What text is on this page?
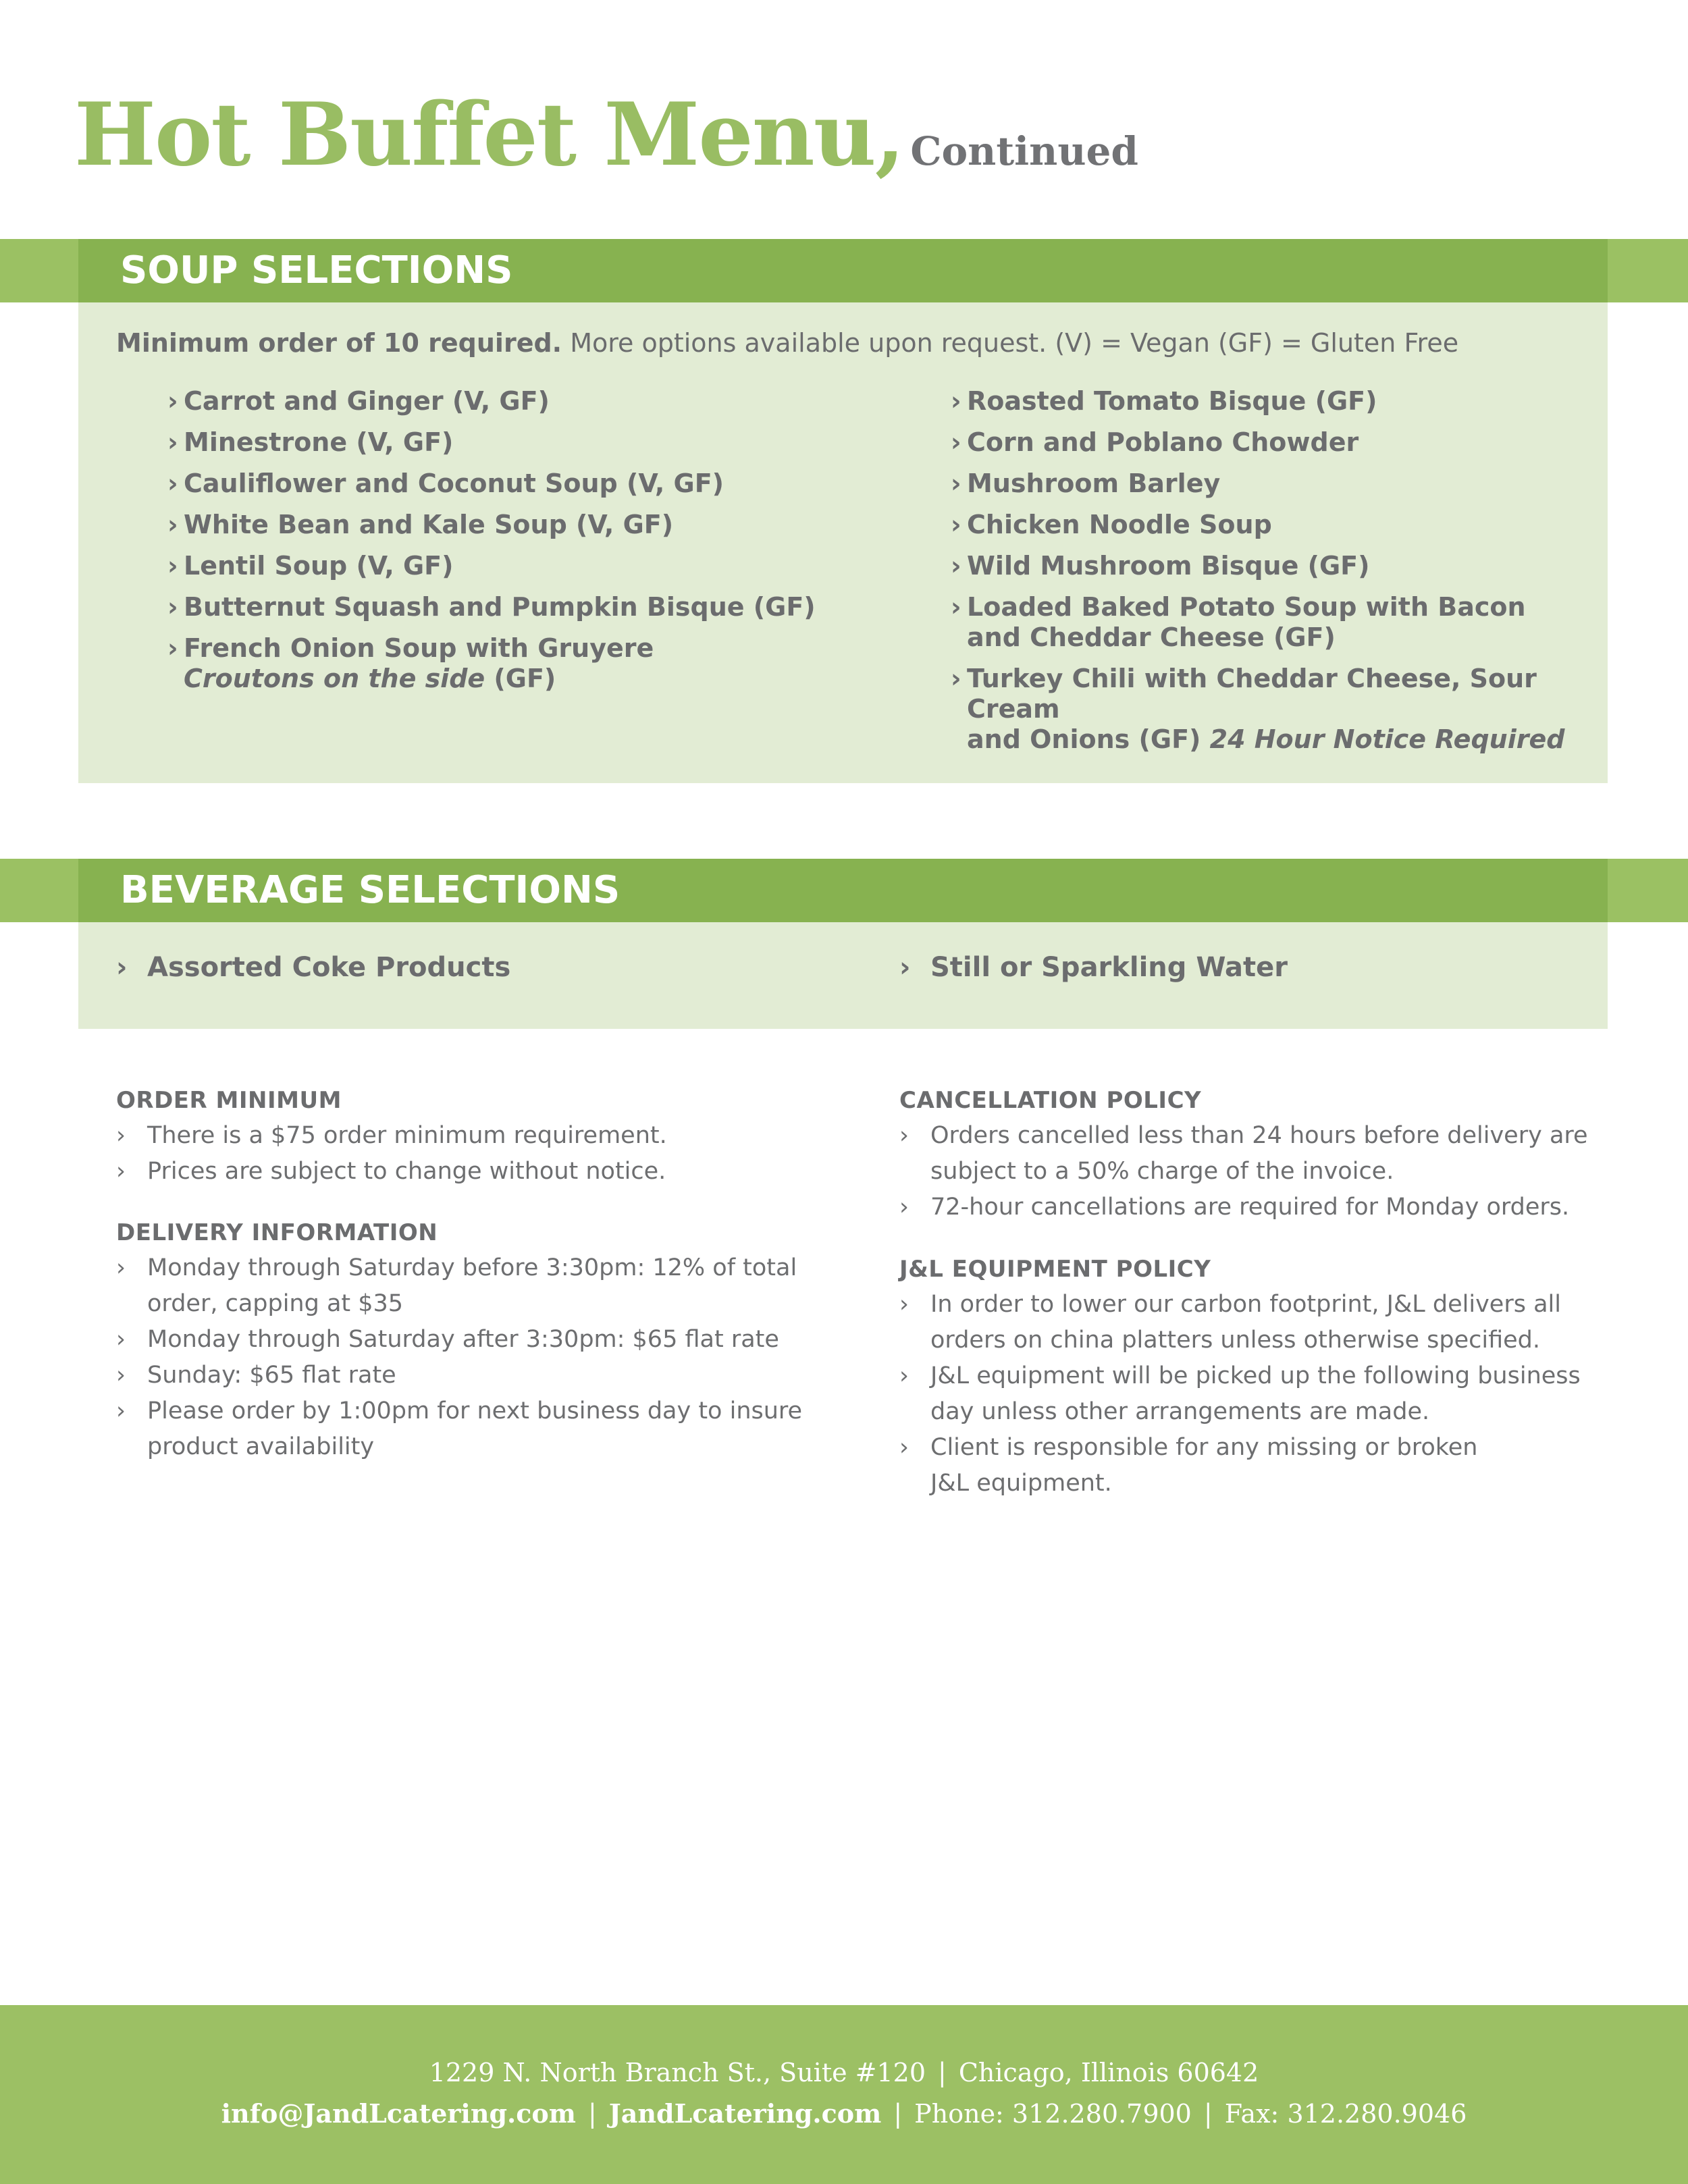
Hot Buffet Menu, Continued
SOUP SELECTIONS
Minimum order of 10 required. More options available upon request. (V) = Vegan (GF) = Gluten Free
› Carrot and Ginger (V, GF)
› Minestrone (V, GF)
› Cauliflower and Coconut Soup (V, GF)
› White Bean and Kale Soup (V, GF)
› Lentil Soup (V, GF)
› Butternut Squash and Pumpkin Bisque (GF)
› French Onion Soup with Gruyere
Croutons on the side (GF)
› Roasted Tomato Bisque (GF)
› Corn and Poblano Chowder
› Mushroom Barley
› Chicken Noodle Soup
› Wild Mushroom Bisque (GF)
› Loaded Baked Potato Soup with Bacon
and Cheddar Cheese (GF)
› Turkey Chili with Cheddar Cheese, Sour Cream
and Onions (GF) 24 Hour Notice Required
BEVERAGE SELECTIONS
› Assorted Coke Products	› Still or Sparkling Water
ORDER MINIMUM
› There is a $75 order minimum requirement.
› Prices are subject to change without notice.
DELIVERY INFORMATION
› Monday through Saturday before 3:30pm: 12% of total
order, capping at $35
› Monday through Saturday after 3:30pm: $65 flat rate
› Sunday: $65 flat rate
› Please order by 1:00pm for next business day to insure
product availability
CANCELLATION POLICY
› Orders cancelled less than 24 hours before delivery are
subject to a 50% charge of the invoice.
› 72-hour cancellations are required for Monday orders.
J&L EQUIPMENT POLICY
› In order to lower our carbon footprint, J&L delivers all
orders on china platters unless otherwise specified.
› J&L equipment will be picked up the following business
day unless other arrangements are made.
› Client is responsible for any missing or broken
J&L equipment.
1229 N. North Branch St., Suite #120 | Chicago, Illinois 60642
info@JandLcatering.com | JandLcatering.com | Phone: 312.280.7900 | Fax: 312.280.9046
